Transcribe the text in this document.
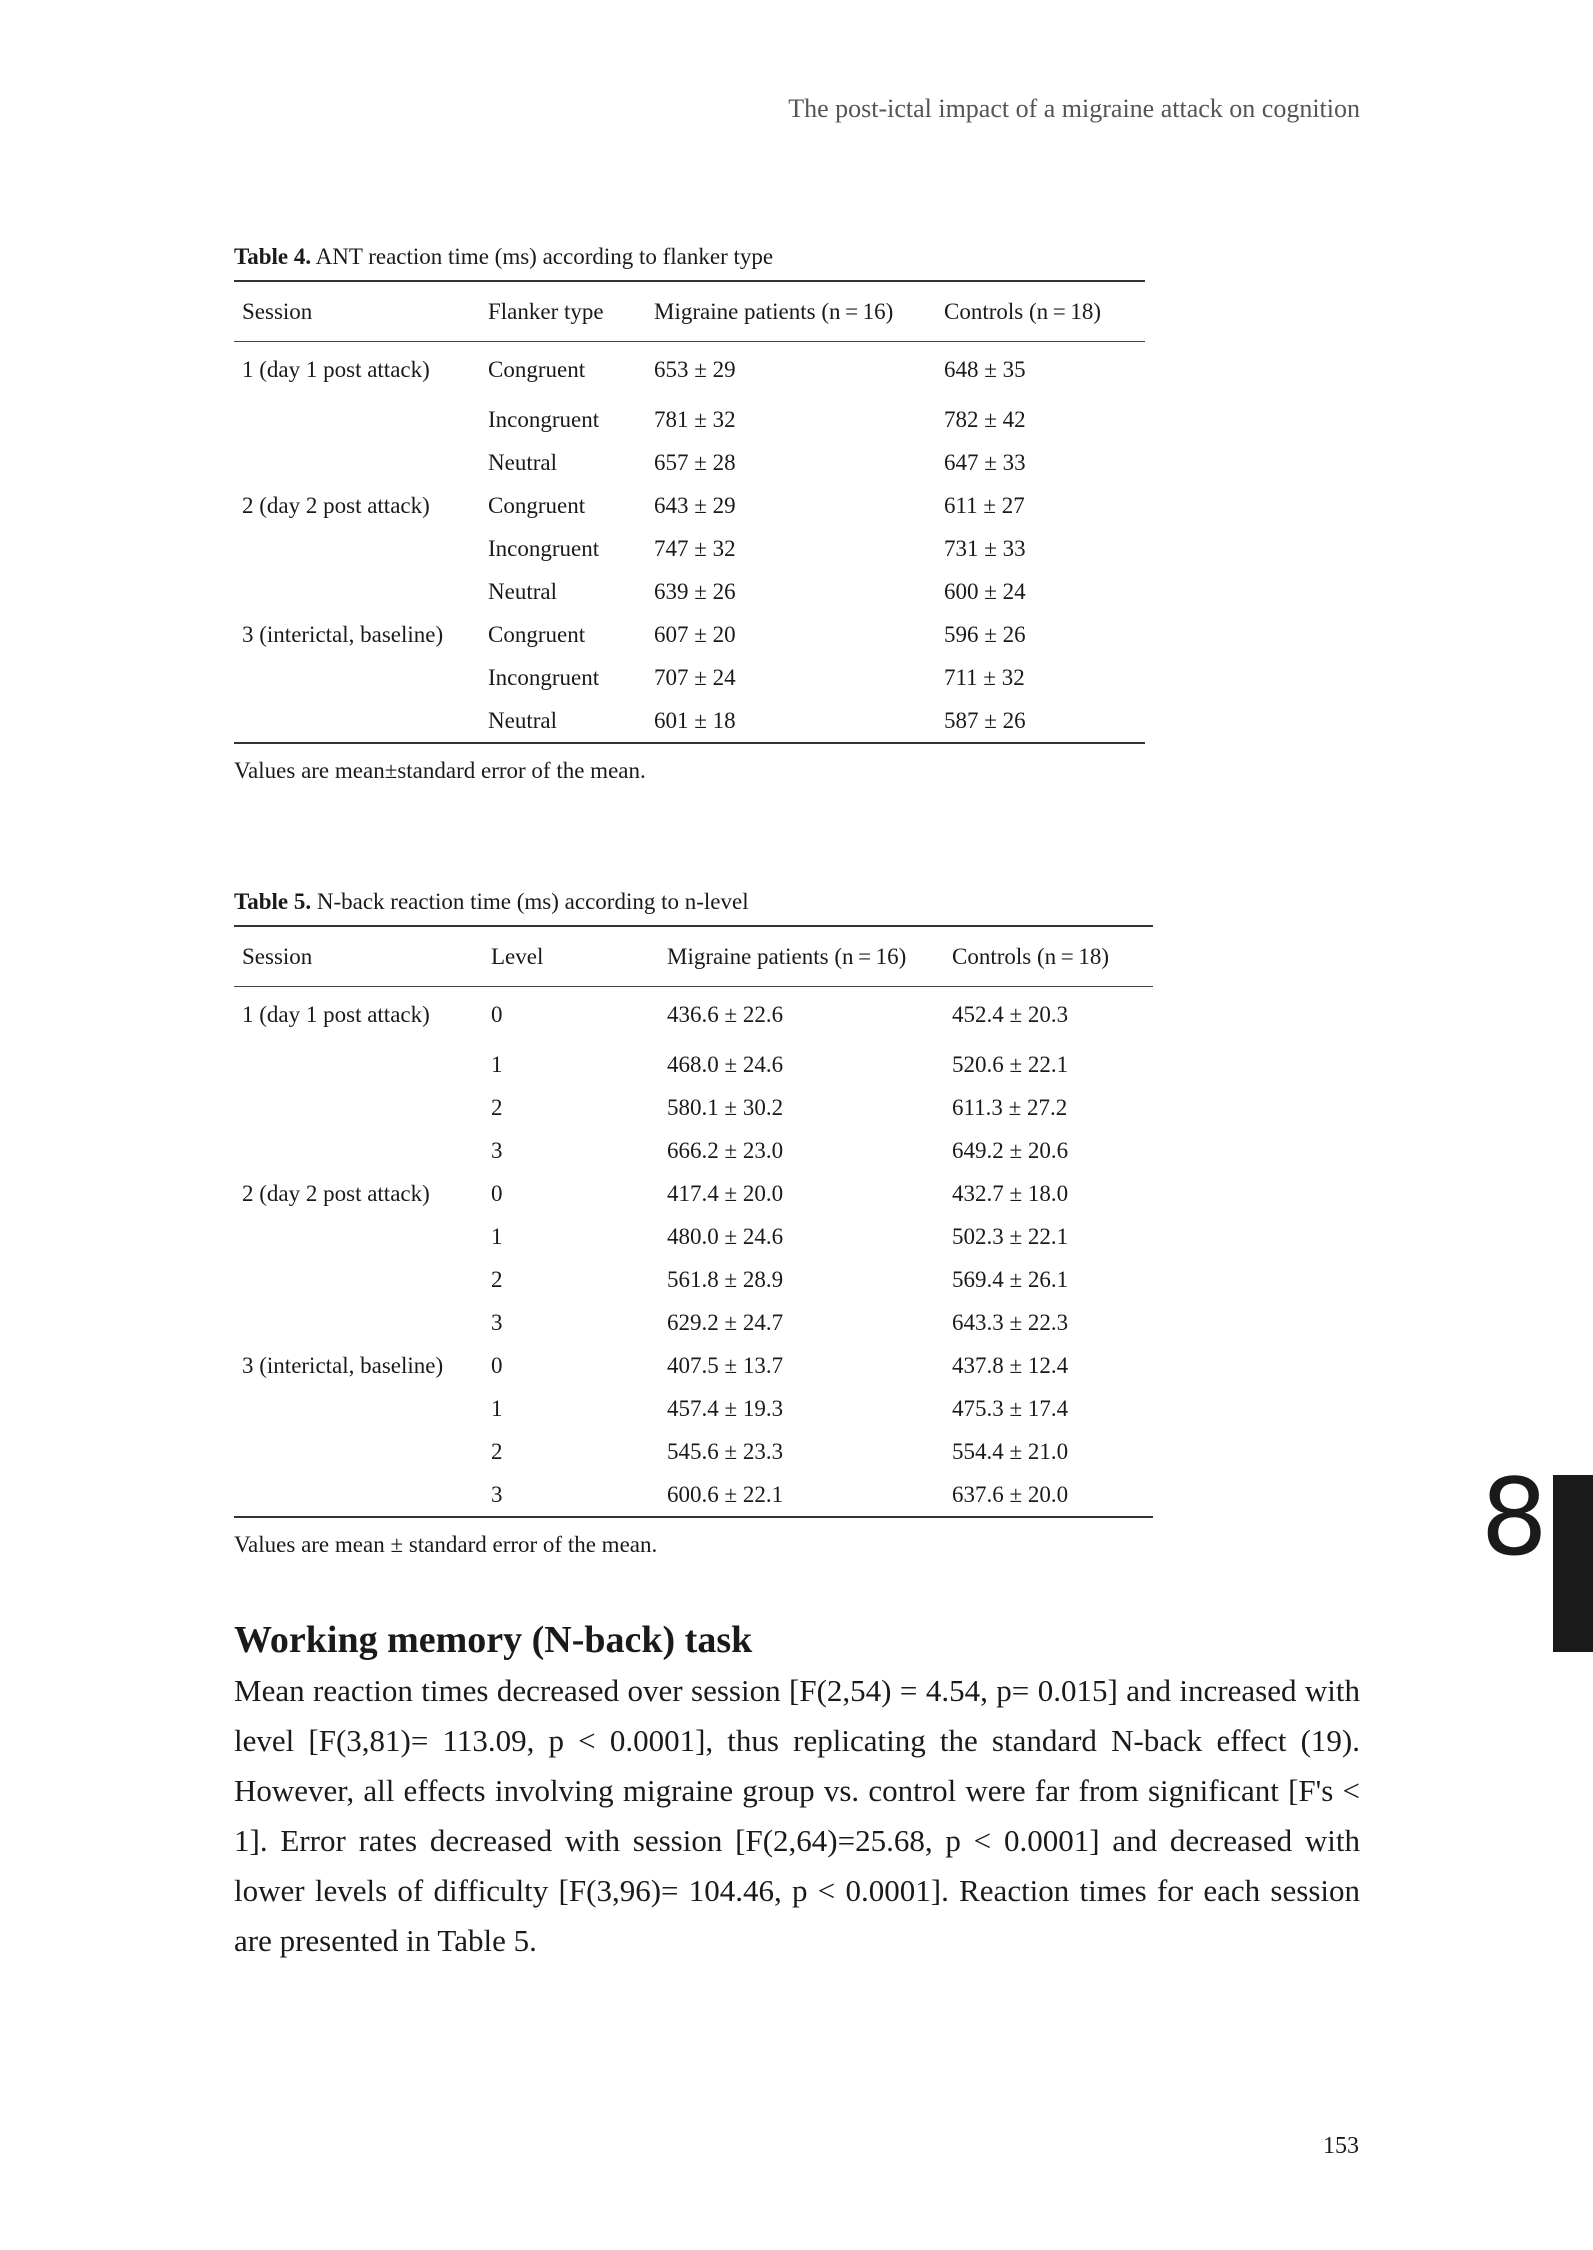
The post-ictal impact of a migraine attack on cognition
Table 4. ANT reaction time (ms) according to flanker type
Session	Flanker type	Migraine patients (n = 16)	Controls (n = 18)
1 (day 1 post attack)	Congruent	653 ± 29	648 ± 35
	Incongruent	781 ± 32	782 ± 42
	Neutral	657 ± 28	647 ± 33
2 (day 2 post attack)	Congruent	643 ± 29	611 ± 27
	Incongruent	747 ± 32	731 ± 33
	Neutral	639 ± 26	600 ± 24
3 (interictal, baseline)	Congruent	607 ± 20	596 ± 26
	Incongruent	707 ± 24	711 ± 32
	Neutral	601 ± 18	587 ± 26
Values are mean±standard error of the mean.
Table 5. N-back reaction time (ms) according to n-level
Session	Level	Migraine patients (n = 16)	Controls (n = 18)
1 (day 1 post attack)	0	436.6 ± 22.6	452.4 ± 20.3
	1	468.0 ± 24.6	520.6 ± 22.1
	2	580.1 ± 30.2	611.3 ± 27.2
	3	666.2 ± 23.0	649.2 ± 20.6
2 (day 2 post attack)	0	417.4 ± 20.0	432.7 ± 18.0
	1	480.0 ± 24.6	502.3 ± 22.1
	2	561.8 ± 28.9	569.4 ± 26.1
	3	629.2 ± 24.7	643.3 ± 22.3
3 (interictal, baseline)	0	407.5 ± 13.7	437.8 ± 12.4
	1	457.4 ± 19.3	475.3 ± 17.4
	2	545.6 ± 23.3	554.4 ± 21.0
	3	600.6 ± 22.1	637.6 ± 20.0
Values are mean ± standard error of the mean.
Working memory (N-back) task

Mean reaction times decreased over session [F(2,54) = 4.54, p= 0.015] and increased with level [F(3,81)= 113.09, p < 0.0001], thus replicating the standard N-back effect (19). However, all effects involving migraine group vs. control were far from significant [F's < 1]. Error rates decreased with session [F(2,64)=25.68, p < 0.0001] and decreased with lower levels of difficulty [F(3,96)= 104.46, p < 0.0001]. Reaction times for each session are presented in Table 5.

8
153
